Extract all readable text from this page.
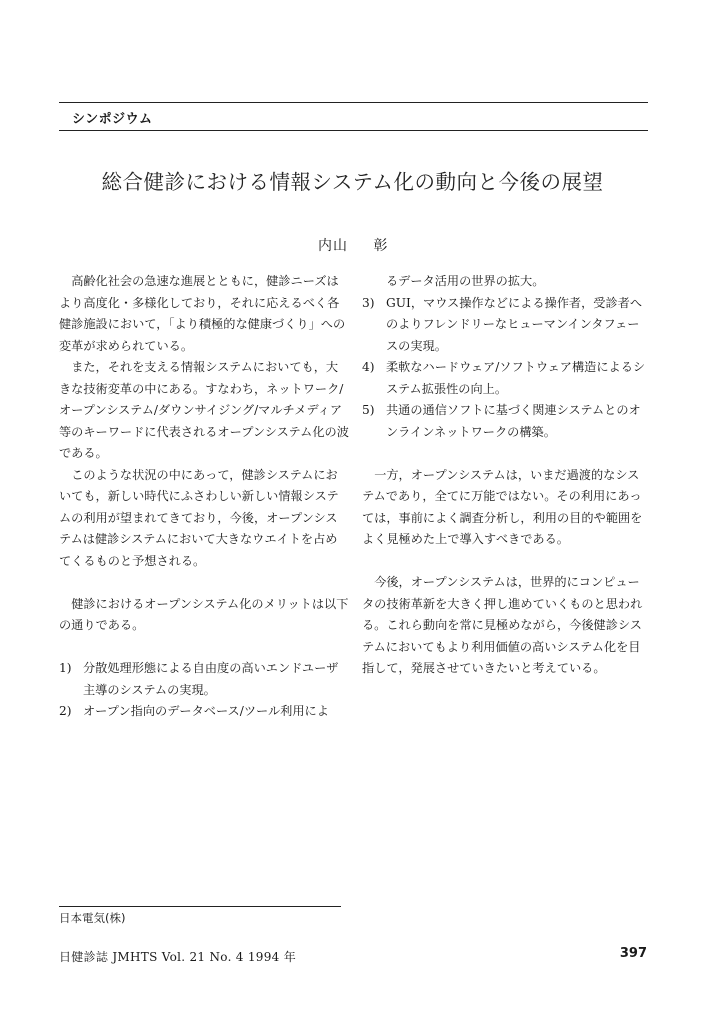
シンポジウム
総合健診における情報システム化の動向と今後の展望
内山 彰

高齢化社会の急速な進展とともに，健診ニーズはより高度化・多様化しており，それに応えるべく各健診施設において，「より積極的な健康づくり」への変革が求められている。

また，それを支える情報システムにおいても，大きな技術変革の中にある。すなわち，ネットワーク/オープンシステム/ダウンサイジング/マルチメディア等のキーワードに代表されるオープンシステム化の波である。

このような状況の中にあって，健診システムにおいても，新しい時代にふさわしい新しい情報システムの利用が望まれてきており，今後，オープンシステムは健診システムにおいて大きなウエイトを占めてくるものと予想される。

健診におけるオープンシステム化のメリットは以下の通りである。

1) 分散処理形態による自由度の高いエンドユーザ主導のシステムの実現。

2) オープン指向のデータベース/ツール利用によ

るデータ活用の世界の拡大。

3) GUI，マウス操作などによる操作者，受診者へのよりフレンドリーなヒューマンインタフェースの実現。

4) 柔軟なハードウェア/ソフトウェア構造によるシステム拡張性の向上。

5) 共通の通信ソフトに基づく関連システムとのオンラインネットワークの構築。

一方，オープンシステムは，いまだ過渡的なシステムであり，全てに万能ではない。その利用にあっては，事前によく調査分析し，利用の目的や範囲をよく見極めた上で導入すべきである。

今後，オープンシステムは，世界的にコンピュータの技術革新を大きく押し進めていくものと思われる。これら動向を常に見極めながら，今後健診システムにおいてもより利用価値の高いシステム化を目指して，発展させていきたいと考えている。

日本電気(株)
日健診誌 JMHTS Vol. 21 No. 4 1994 年	397
